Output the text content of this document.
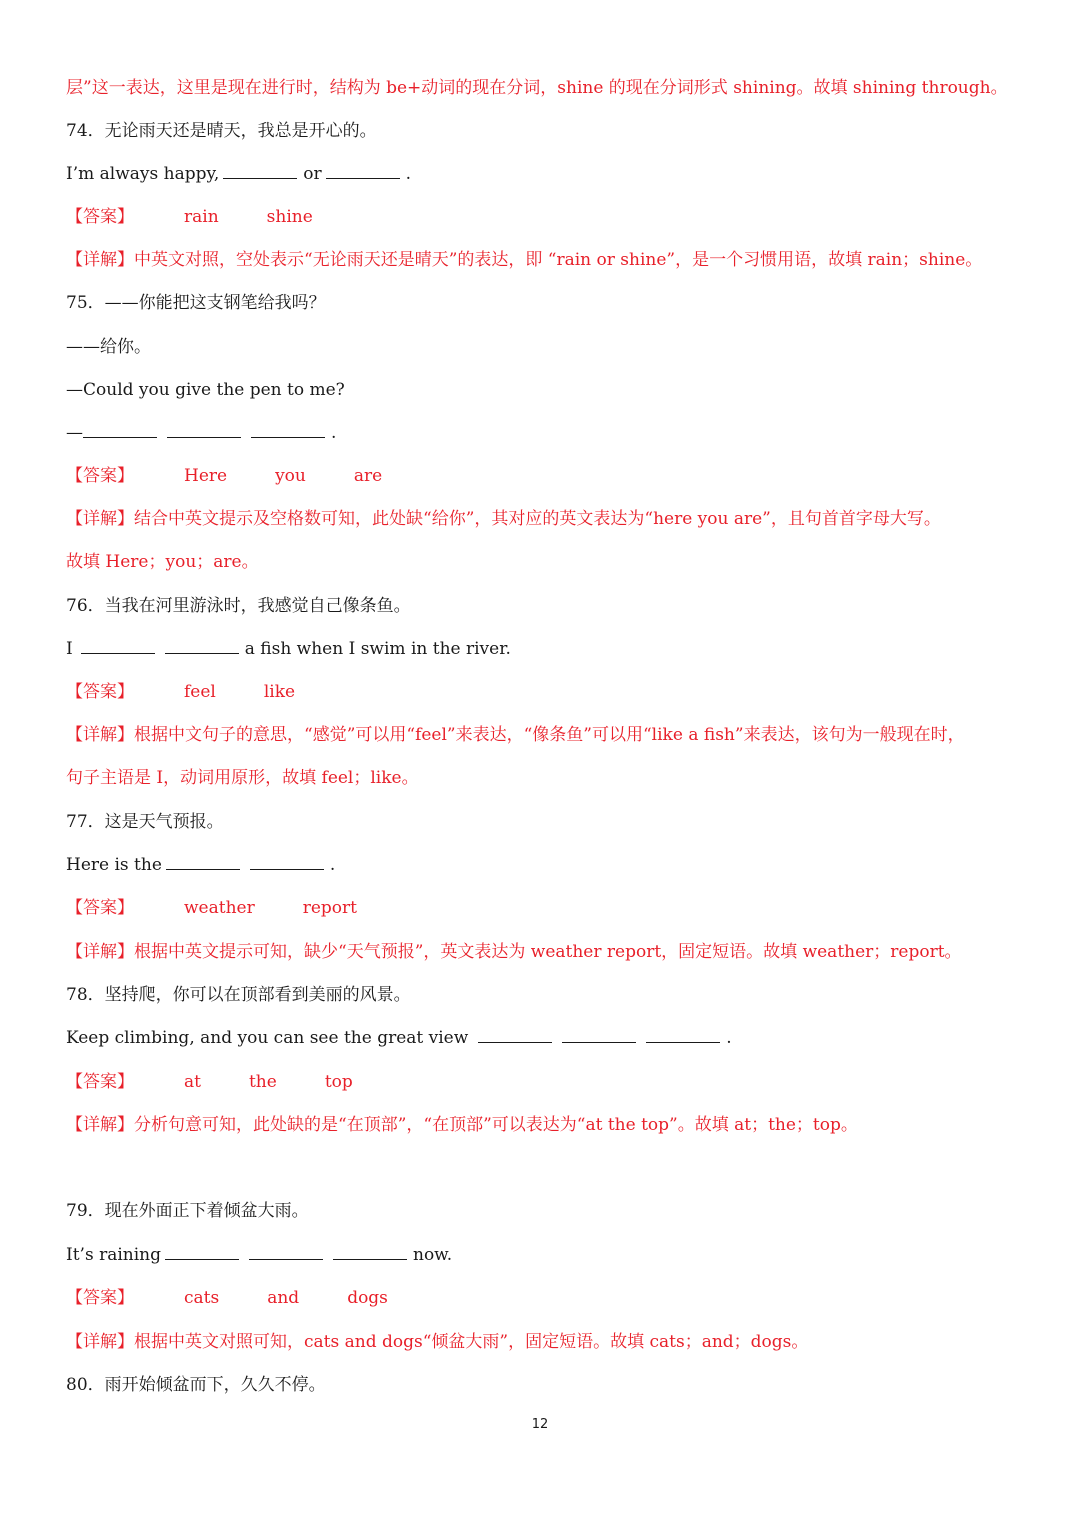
层”这一表达，这里是现在进行时，结构为 be+动词的现在分词，shine 的现在分词形式 shining。故填 shining through。
74．无论雨天还是晴天，我总是开心的。
I’m always happy,	or	.
【答案】	rain	shine
【详解】中英文对照，空处表示“无论雨天还是晴天”的表达，即 “rain or shine”，是一个习惯用语，故填 rain；shine。
75．——你能把这支钢笔给我吗？
——给你。
—Could you give the pen to me?
—	.
【答案】	Here	you	are
【详解】结合中英文提示及空格数可知，此处缺“给你”，其对应的英文表达为“here you are”，且句首首字母大写。
故填 Here；you；are。
76．当我在河里游泳时，我感觉自己像条鱼。
I	a fish when I swim in the river.
【答案】	feel	like
【详解】根据中文句子的意思，“感觉”可以用“feel”来表达，“像条鱼”可以用“like a fish”来表达，该句为一般现在时，
句子主语是 I，动词用原形，故填 feel；like。
77．这是天气预报。
Here is the	.
【答案】	weather	report
【详解】根据中英文提示可知，缺少“天气预报”，英文表达为 weather report，固定短语。故填 weather；report。
78．坚持爬，你可以在顶部看到美丽的风景。
Keep climbing, and you can see the great view	.
【答案】	at	the	top
【详解】分析句意可知，此处缺的是“在顶部”，“在顶部”可以表达为“at the top”。故填 at；the；top。
79．现在外面正下着倾盆大雨。
It’s raining	now.
【答案】	cats	and	dogs
【详解】根据中英文对照可知，cats and dogs“倾盆大雨”，固定短语。故填 cats；and；dogs。
80．雨开始倾盆而下，久久不停。
12
